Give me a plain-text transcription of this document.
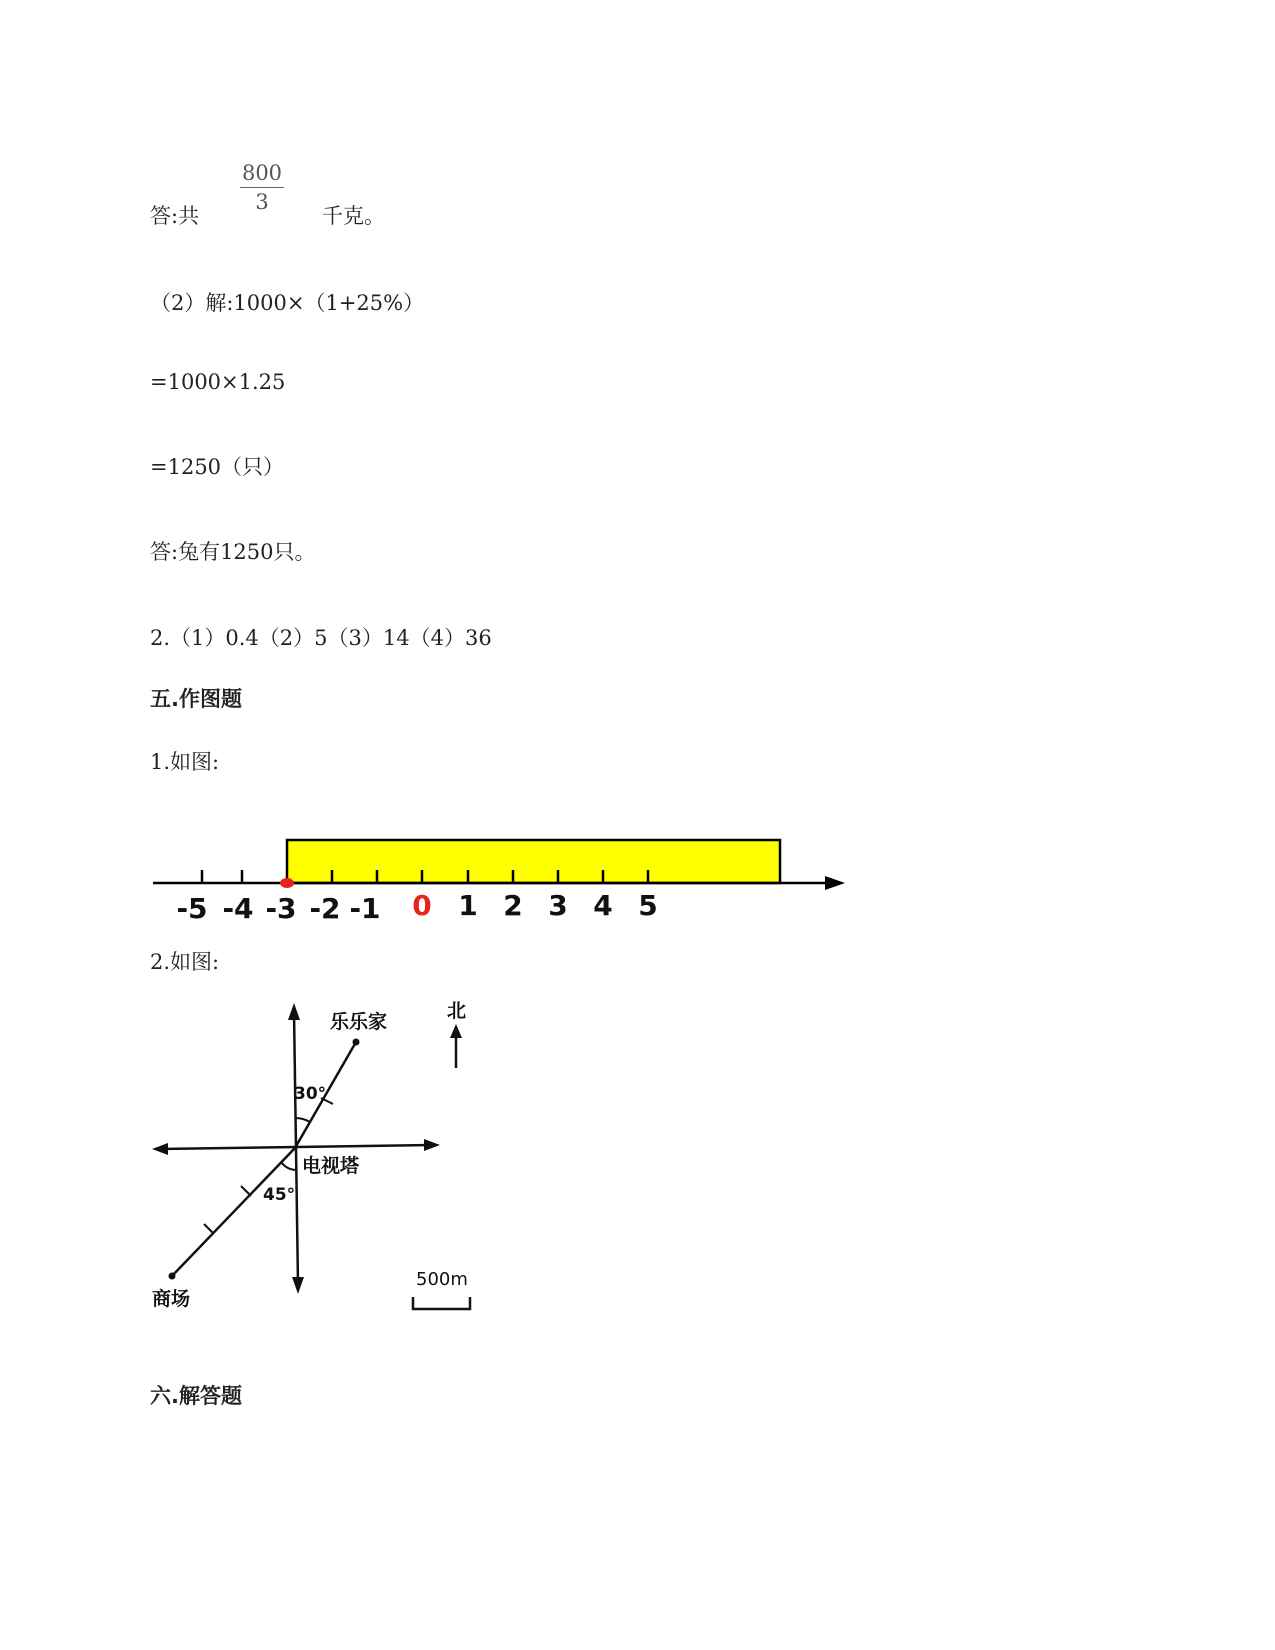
答:共
800
3
千克。
（2）解:1000×（1+25%）
=1000×1.25
=1250（只）
答:兔有1250只。
2.（1）0.4（2）5（3）14（4）36
五.作图题
1.如图:
-5 -4 -3 -2 -1 0 1 2 3 4 5
2.如图:
乐乐家
30°
电视塔
45°
商场
北
500m
六.解答题
